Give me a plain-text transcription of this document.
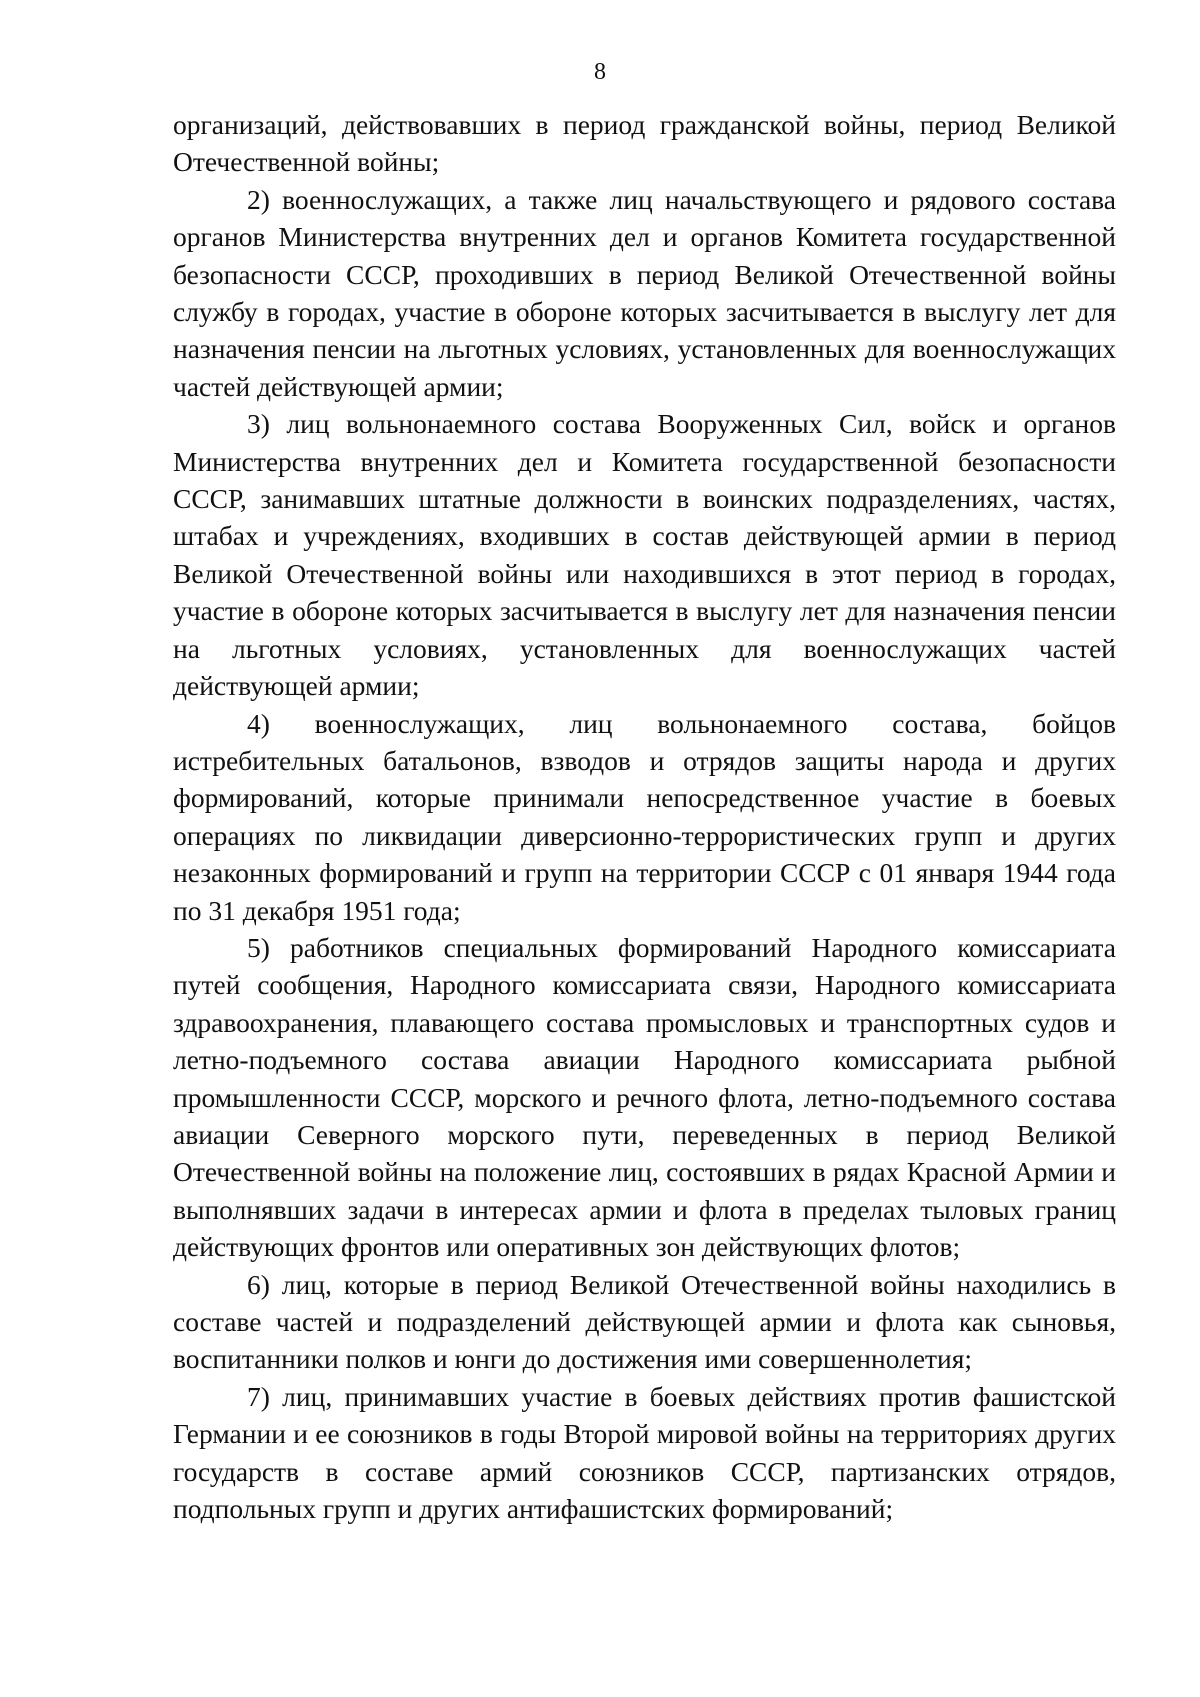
8

организаций, действовавших в период гражданской войны, период Великой Отечественной войны;

2) военнослужащих, а также лиц начальствующего и рядового состава органов Министерства внутренних дел и органов Комитета государственной безопасности СССР, проходивших в период Великой Отечественной войны службу в городах, участие в обороне которых засчитывается в выслугу лет для назначения пенсии на льготных условиях, установленных для военнослужащих частей действующей армии;

3) лиц вольнонаемного состава Вооруженных Сил, войск и органов Министерства внутренних дел и Комитета государственной безопасности СССР, занимавших штатные должности в воинских подразделениях, частях, штабах и учреждениях, входивших в состав действующей армии в период Великой Отечественной войны или находившихся в этот период в городах, участие в обороне которых засчитывается в выслугу лет для назначения пенсии на льготных условиях, установленных для военнослужащих частей действующей армии;

4) военнослужащих, лиц вольнонаемного состава, бойцов истребительных батальонов, взводов и отрядов защиты народа и других формирований, которые принимали непосредственное участие в боевых операциях по ликвидации диверсионно-террористических групп и других незаконных формирований и групп на территории СССР с 01 января 1944 года по 31 декабря 1951 года;

5) работников специальных формирований Народного комиссариата путей сообщения, Народного комиссариата связи, Народного комиссариата здравоохранения, плавающего состава промысловых и транспортных судов и летно-подъемного состава авиации Народного комиссариата рыбной промышленности СССР, морского и речного флота, летно-подъемного состава авиации Северного морского пути, переведенных в период Великой Отечественной войны на положение лиц, состоявших в рядах Красной Армии и выполнявших задачи в интересах армии и флота в пределах тыловых границ действующих фронтов или оперативных зон действующих флотов;

6) лиц, которые в период Великой Отечественной войны находились в составе частей и подразделений действующей армии и флота как сыновья, воспитанники полков и юнги до достижения ими совершеннолетия;

7) лиц, принимавших участие в боевых действиях против фашистской Германии и ее союзников в годы Второй мировой войны на территориях других государств в составе армий союзников СССР, партизанских отрядов, подпольных групп и других антифашистских формирований;
